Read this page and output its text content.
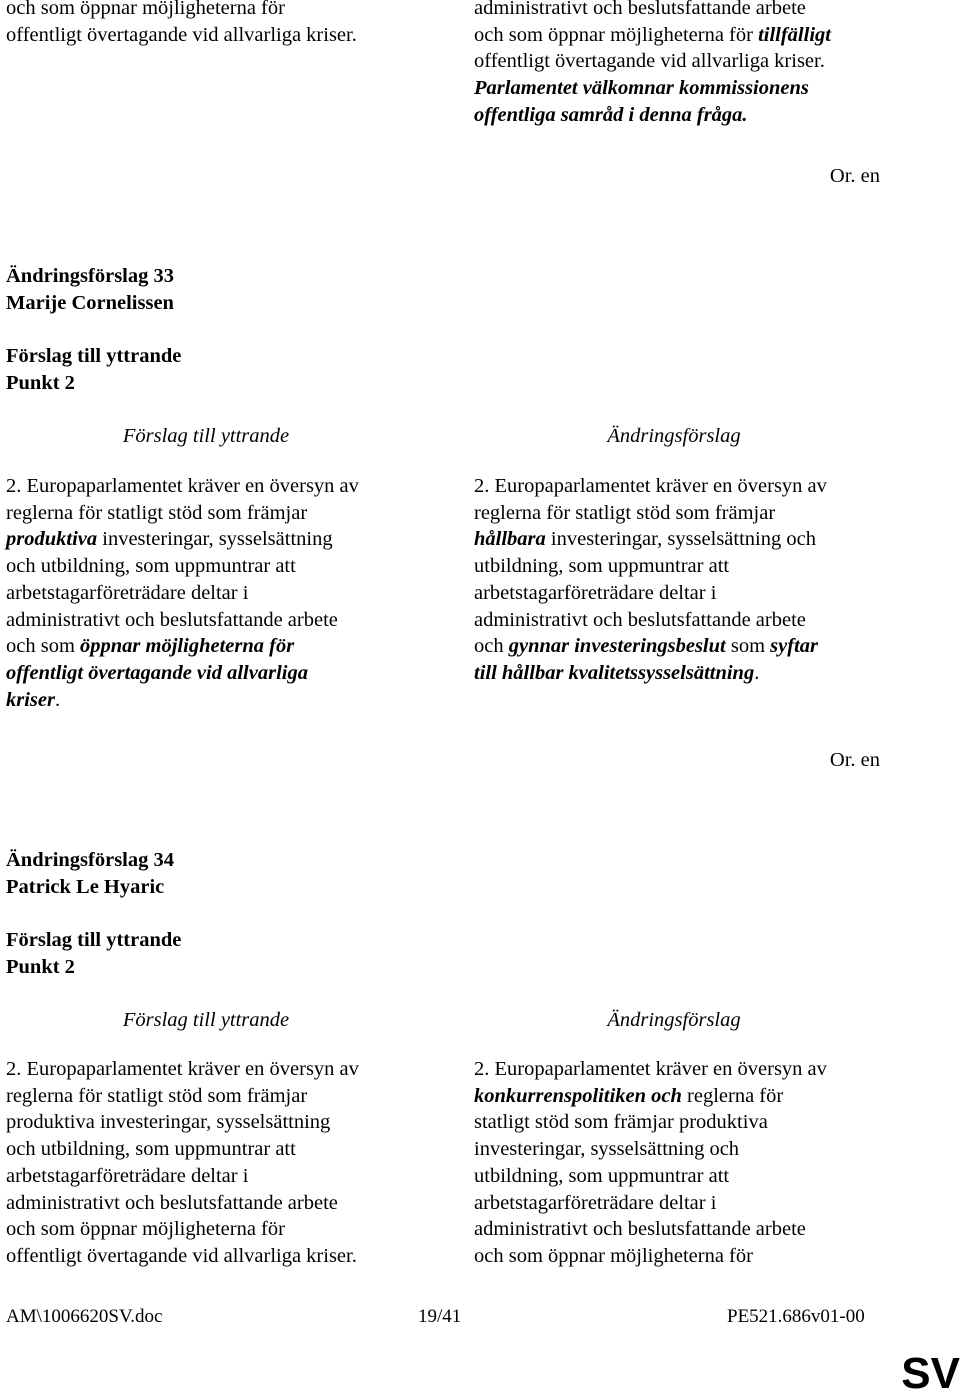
och som öppnar möjligheterna för
offentligt övertagande vid allvarliga kriser.
administrativt och beslutsfattande arbete
och som öppnar möjligheterna för tillfälligt
offentligt övertagande vid allvarliga kriser.
Parlamentet välkomnar kommissionens
offentliga samråd i denna fråga.
Or. en
Ändringsförslag 33
Marije Cornelissen
Förslag till yttrande
Punkt 2
Förslag till yttrande	Ändringsförslag
2. Europaparlamentet kräver en översyn av
reglerna för statligt stöd som främjar
produktiva investeringar, sysselsättning
och utbildning, som uppmuntrar att
arbetstagarföreträdare deltar i
administrativt och beslutsfattande arbete
och som öppnar möjligheterna för
offentligt övertagande vid allvarliga
kriser.
2. Europaparlamentet kräver en översyn av
reglerna för statligt stöd som främjar
hållbara investeringar, sysselsättning och
utbildning, som uppmuntrar att
arbetstagarföreträdare deltar i
administrativt och beslutsfattande arbete
och gynnar investeringsbeslut som syftar
till hållbar kvalitetssysselsättning.
Or. en
Ändringsförslag 34
Patrick Le Hyaric
Förslag till yttrande
Punkt 2
Förslag till yttrande	Ändringsförslag
2. Europaparlamentet kräver en översyn av
reglerna för statligt stöd som främjar
produktiva investeringar, sysselsättning
och utbildning, som uppmuntrar att
arbetstagarföreträdare deltar i
administrativt och beslutsfattande arbete
och som öppnar möjligheterna för
offentligt övertagande vid allvarliga kriser.
2. Europaparlamentet kräver en översyn av
konkurrenspolitiken och reglerna för
statligt stöd som främjar produktiva
investeringar, sysselsättning och
utbildning, som uppmuntrar att
arbetstagarföreträdare deltar i
administrativt och beslutsfattande arbete
och som öppnar möjligheterna för
AM\1006620SV.doc	19/41	PE521.686v01-00
SV
